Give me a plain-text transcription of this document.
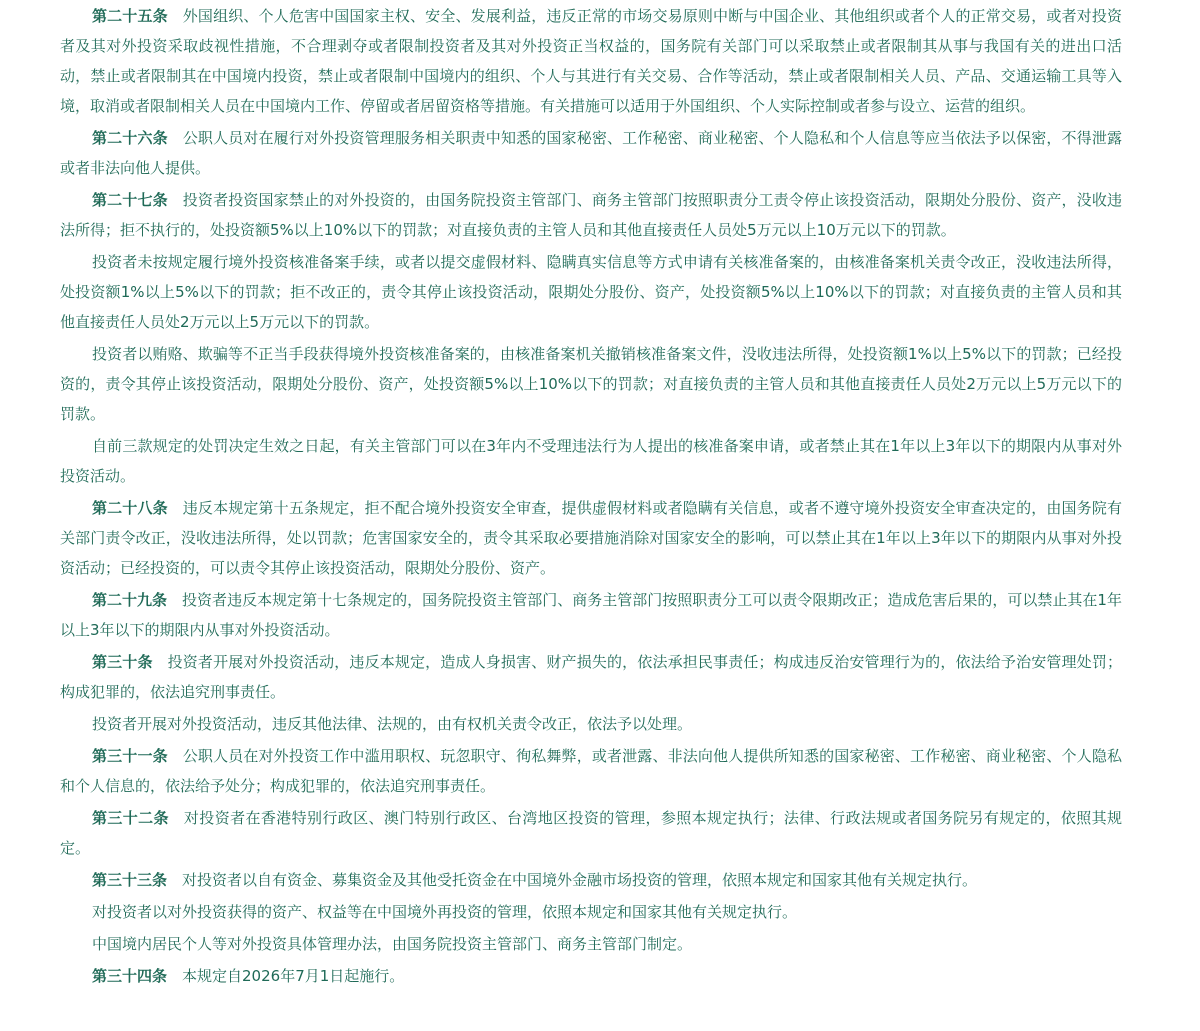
第二十五条 外国组织、个人危害中国国家主权、安全、发展利益，违反正常的市场交易原则中断与中国企业、其他组织或者个人的正常交易，或者对投资者及其对外投资采取歧视性措施，不合理剥夺或者限制投资者及其对外投资正当权益的，国务院有关部门可以采取禁止或者限制其从事与我国有关的进出口活动，禁止或者限制其在中国境内投资，禁止或者限制中国境内的组织、个人与其进行有关交易、合作等活动，禁止或者限制相关人员、产品、交通运输工具等入境，取消或者限制相关人员在中国境内工作、停留或者居留资格等措施。有关措施可以适用于外国组织、个人实际控制或者参与设立、运营的组织。

第二十六条 公职人员对在履行对外投资管理服务相关职责中知悉的国家秘密、工作秘密、商业秘密、个人隐私和个人信息等应当依法予以保密，不得泄露或者非法向他人提供。

第二十七条 投资者投资国家禁止的对外投资的，由国务院投资主管部门、商务主管部门按照职责分工责令停止该投资活动，限期处分股份、资产，没收违法所得；拒不执行的，处投资额5%以上10%以下的罚款；对直接负责的主管人员和其他直接责任人员处5万元以上10万元以下的罚款。

投资者未按规定履行境外投资核准备案手续，或者以提交虚假材料、隐瞒真实信息等方式申请有关核准备案的，由核准备案机关责令改正，没收违法所得，处投资额1%以上5%以下的罚款；拒不改正的，责令其停止该投资活动，限期处分股份、资产，处投资额5%以上10%以下的罚款；对直接负责的主管人员和其他直接责任人员处2万元以上5万元以下的罚款。

投资者以贿赂、欺骗等不正当手段获得境外投资核准备案的，由核准备案机关撤销核准备案文件，没收违法所得，处投资额1%以上5%以下的罚款；已经投资的，责令其停止该投资活动，限期处分股份、资产，处投资额5%以上10%以下的罚款；对直接负责的主管人员和其他直接责任人员处2万元以上5万元以下的罚款。

自前三款规定的处罚决定生效之日起，有关主管部门可以在3年内不受理违法行为人提出的核准备案申请，或者禁止其在1年以上3年以下的期限内从事对外投资活动。

第二十八条 违反本规定第十五条规定，拒不配合境外投资安全审查，提供虚假材料或者隐瞒有关信息，或者不遵守境外投资安全审查决定的，由国务院有关部门责令改正，没收违法所得，处以罚款；危害国家安全的，责令其采取必要措施消除对国家安全的影响，可以禁止其在1年以上3年以下的期限内从事对外投资活动；已经投资的，可以责令其停止该投资活动，限期处分股份、资产。

第二十九条 投资者违反本规定第十七条规定的，国务院投资主管部门、商务主管部门按照职责分工可以责令限期改正；造成危害后果的，可以禁止其在1年以上3年以下的期限内从事对外投资活动。

第三十条 投资者开展对外投资活动，违反本规定，造成人身损害、财产损失的，依法承担民事责任；构成违反治安管理行为的，依法给予治安管理处罚；构成犯罪的，依法追究刑事责任。

投资者开展对外投资活动，违反其他法律、法规的，由有权机关责令改正，依法予以处理。

第三十一条 公职人员在对外投资工作中滥用职权、玩忽职守、徇私舞弊，或者泄露、非法向他人提供所知悉的国家秘密、工作秘密、商业秘密、个人隐私和个人信息的，依法给予处分；构成犯罪的，依法追究刑事责任。

第三十二条 对投资者在香港特别行政区、澳门特别行政区、台湾地区投资的管理，参照本规定执行；法律、行政法规或者国务院另有规定的，依照其规定。

第三十三条 对投资者以自有资金、募集资金及其他受托资金在中国境外金融市场投资的管理，依照本规定和国家其他有关规定执行。

对投资者以对外投资获得的资产、权益等在中国境外再投资的管理，依照本规定和国家其他有关规定执行。

中国境内居民个人等对外投资具体管理办法，由国务院投资主管部门、商务主管部门制定。

第三十四条 本规定自2026年7月1日起施行。
